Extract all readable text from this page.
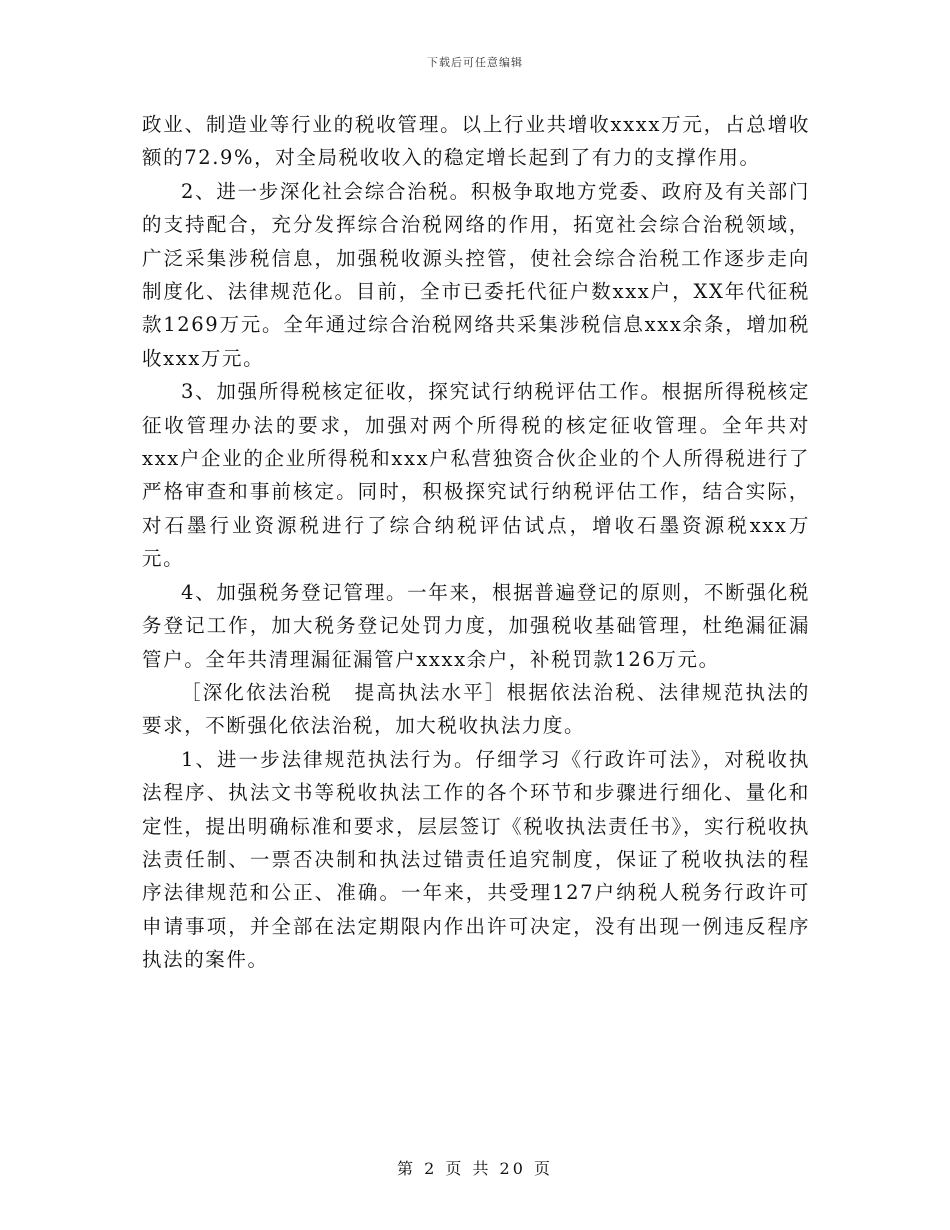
下载后可任意编辑

政业、制造业等行业的税收管理。以上行业共增收xxxx万元，占总增收额的72.9%，对全局税收收入的稳定增长起到了有力的支撑作用。

2、进一步深化社会综合治税。积极争取地方党委、政府及有关部门的支持配合，充分发挥综合治税网络的作用，拓宽社会综合治税领域，广泛采集涉税信息，加强税收源头控管，使社会综合治税工作逐步走向制度化、法律规范化。目前，全市已委托代征户数xxx户，XX年代征税款1269万元。全年通过综合治税网络共采集涉税信息xxx余条，增加税收xxx万元。

3、加强所得税核定征收，探究试行纳税评估工作。根据所得税核定征收管理办法的要求，加强对两个所得税的核定征收管理。全年共对xxx户企业的企业所得税和xxx户私营独资合伙企业的个人所得税进行了严格审查和事前核定。同时，积极探究试行纳税评估工作，结合实际，对石墨行业资源税进行了综合纳税评估试点，增收石墨资源税xxx万元。

4、加强税务登记管理。一年来，根据普遍登记的原则，不断强化税务登记工作，加大税务登记处罚力度，加强税收基础管理，杜绝漏征漏管户。全年共清理漏征漏管户xxxx余户，补税罚款126万元。

［深化依法治税　提高执法水平］根据依法治税、法律规范执法的要求，不断强化依法治税，加大税收执法力度。

1、进一步法律规范执法行为。仔细学习《行政许可法》，对税收执法程序、执法文书等税收执法工作的各个环节和步骤进行细化、量化和定性，提出明确标准和要求，层层签订《税收执法责任书》，实行税收执法责任制、一票否决制和执法过错责任追究制度，保证了税收执法的程序法律规范和公正、准确。一年来，共受理127户纳税人税务行政许可申请事项，并全部在法定期限内作出许可决定，没有出现一例违反程序执法的案件。

第 2 页 共 20 页
